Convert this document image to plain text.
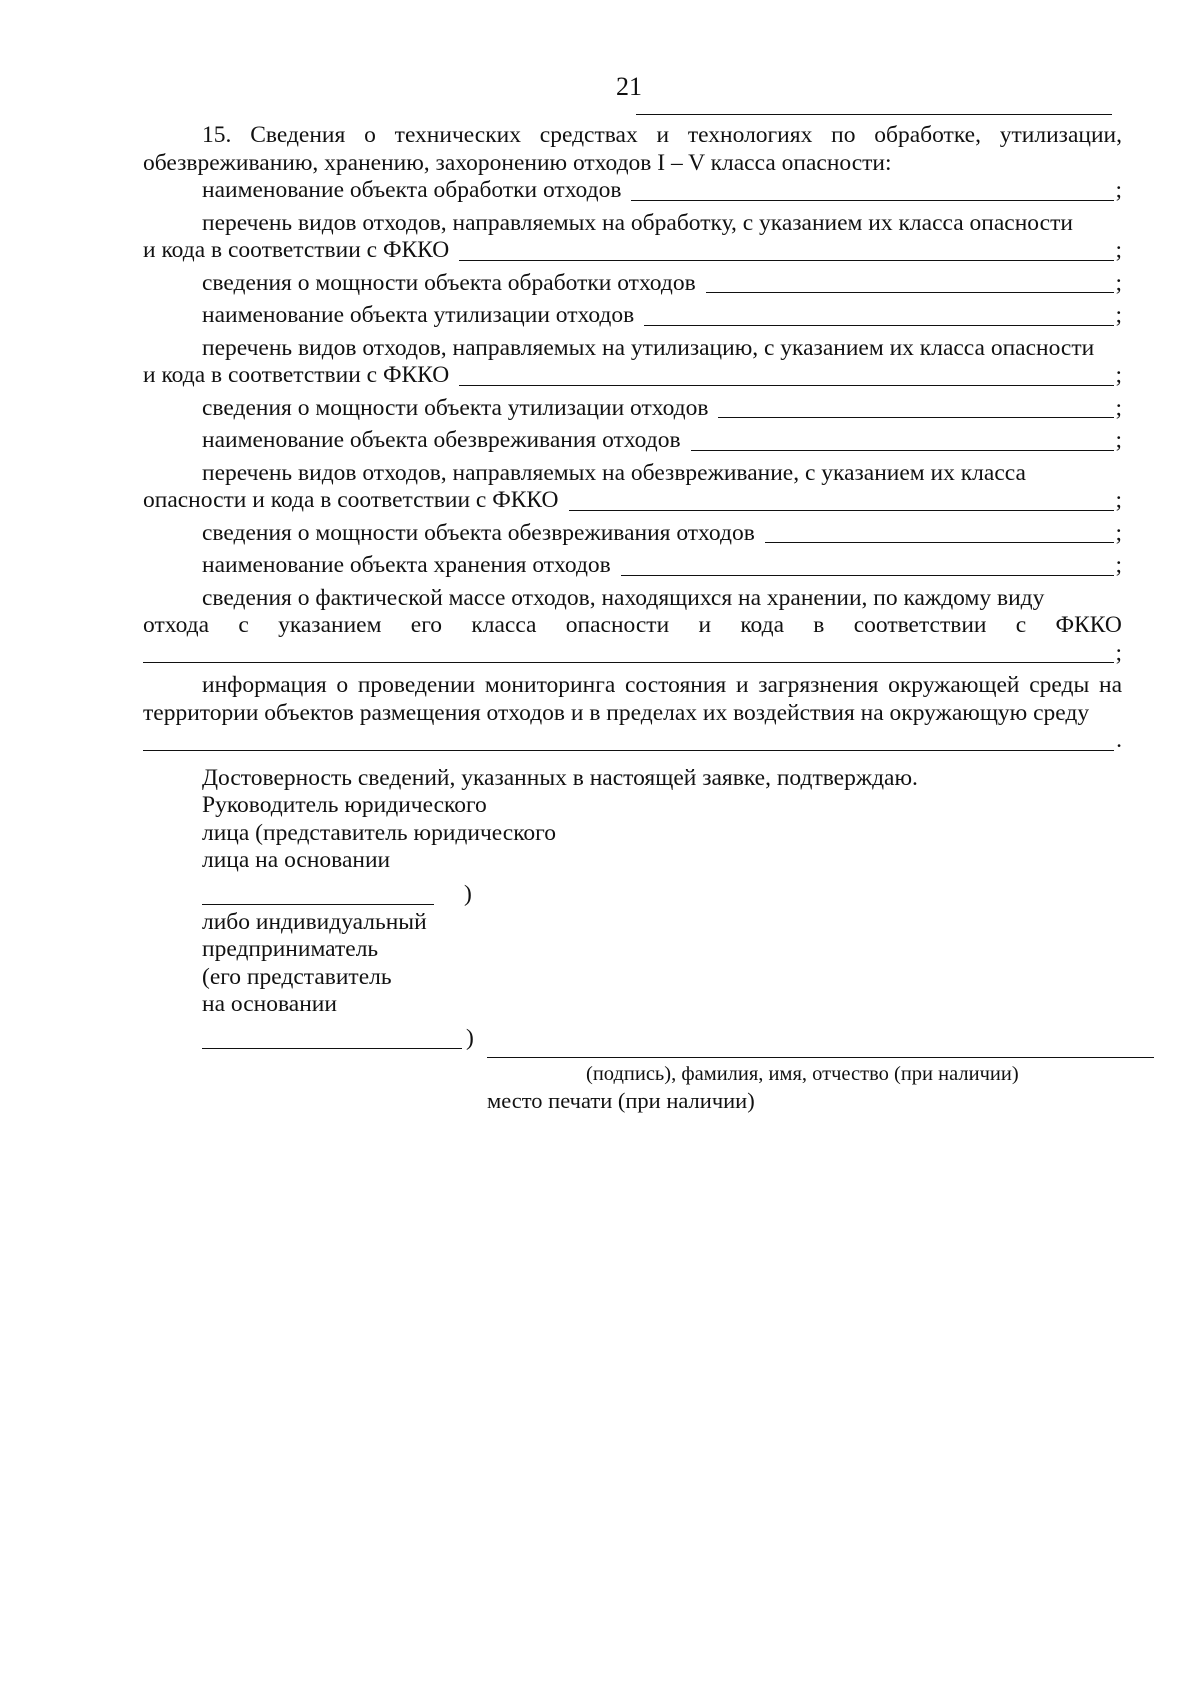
21

15. Сведения о технических средствах и технологиях по обработке, утилизации, обезвреживанию, хранению, захоронению отходов I – V класса опасности:

наименование объекта обработки отходов	;

перечень видов отходов, направляемых на обработку, с указанием их класса опасности

и кода в соответствии с ФККО	;
сведения о мощности объекта обработки отходов	;
наименование объекта утилизации отходов	;

перечень видов отходов, направляемых на утилизацию, с указанием их класса опасности

и кода в соответствии с ФККО	;
сведения о мощности объекта утилизации отходов	;
наименование объекта обезвреживания отходов	;

перечень видов отходов, направляемых на обезвреживание, с указанием их класса

опасности и кода в соответствии с ФККО	;
сведения о мощности объекта обезвреживания отходов	;
наименование объекта хранения отходов	;

сведения о фактической массе отходов, находящихся на хранении, по каждому виду

отхода с указанием его класса опасности и кода в соответствии с ФККО
;

информация о проведении мониторинга состояния и загрязнения окружающей среды на территории объектов размещения отходов и в пределах их воздействия на окружающую среду

.

Достоверность сведений, указанных в настоящей заявке, подтверждаю.

Руководитель юридического

лица (представитель юридического

лица на основании

)

либо индивидуальный

предприниматель

(его представитель

на основании

)
(подпись), фамилия, имя, отчество (при наличии)
место печати (при наличии)
